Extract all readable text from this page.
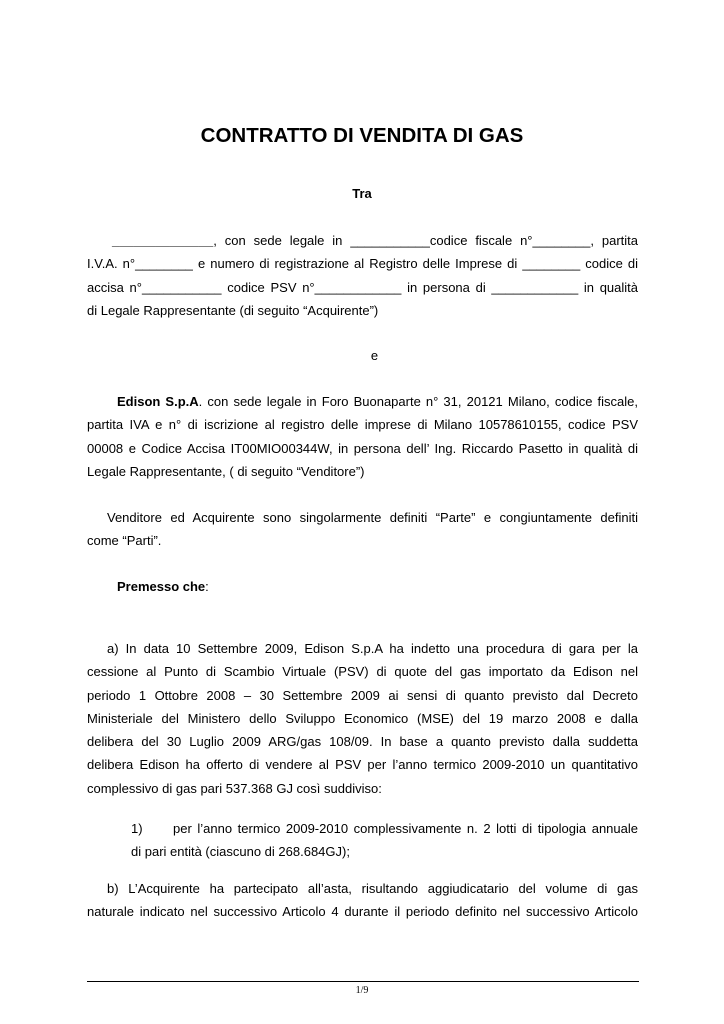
CONTRATTO DI VENDITA DI GAS
Tra
______________, con sede legale in ___________codice fiscale n°________, partita
I.V.A. n°________ e numero di registrazione al Registro delle Imprese di ________ codice di
accisa n°___________ codice PSV n°____________ in persona di ____________ in qualità
di Legale Rappresentante (di seguito “Acquirente”)
e
Edison S.p.A. con sede legale in Foro Buonaparte n° 31, 20121 Milano, codice fiscale,
partita IVA e n° di iscrizione al registro delle imprese di Milano 10578610155, codice PSV
00008 e Codice Accisa IT00MIO00344W, in persona dell’ Ing. Riccardo Pasetto in qualità di
Legale Rappresentante, ( di seguito “Venditore”)
Venditore ed Acquirente sono singolarmente definiti “Parte” e congiuntamente definiti
come “Parti”.
Premesso che:
a) In data 10 Settembre 2009, Edison S.p.A ha indetto una procedura di gara per la
cessione al Punto di Scambio Virtuale (PSV) di quote del gas importato da Edison nel
periodo 1 Ottobre 2008 – 30 Settembre 2009 ai sensi di quanto previsto dal Decreto
Ministeriale del Ministero dello Sviluppo Economico (MSE) del 19 marzo 2008 e dalla
delibera del 30 Luglio 2009 ARG/gas 108/09. In base a quanto previsto dalla suddetta
delibera Edison ha offerto di vendere al PSV per l’anno termico 2009-2010 un quantitativo
complessivo di gas pari 537.368 GJ così suddiviso:
1) per l’anno termico 2009-2010 complessivamente n. 2 lotti di tipologia annuale
di pari entità (ciascuno di 268.684GJ);
b) L’Acquirente ha partecipato all’asta, risultando aggiudicatario del volume di gas
naturale indicato nel successivo Articolo 4 durante il periodo definito nel successivo Articolo
1/9
